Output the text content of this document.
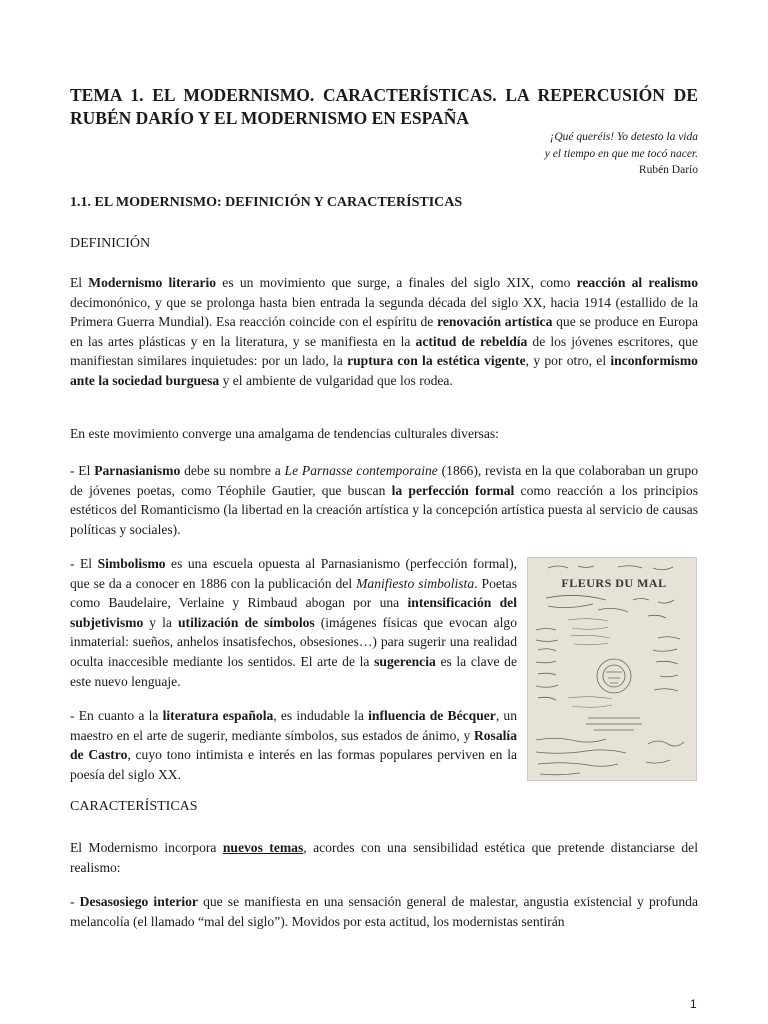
TEMA 1. EL MODERNISMO. CARACTERÍSTICAS. LA REPERCUSIÓN DE RUBÉN DARÍO Y EL MODERNISMO EN ESPAÑA
¡Qué queréis! Yo detesto la vida
y el tiempo en que me tocó nacer.
Rubén Darío
1.1. EL MODERNISMO: DEFINICIÓN Y CARACTERÍSTICAS
DEFINICIÓN

El Modernismo literario es un movimiento que surge, a finales del siglo XIX, como reacción al realismo decimonónico, y que se prolonga hasta bien entrada la segunda década del siglo XX, hacia 1914 (estallido de la Primera Guerra Mundial). Esa reacción coincide con el espíritu de renovación artística que se produce en Europa en las artes plásticas y en la literatura, y se manifiesta en la actitud de rebeldía de los jóvenes escritores, que manifiestan similares inquietudes: por un lado, la ruptura con la estética vigente, y por otro, el inconformismo ante la sociedad burguesa y el ambiente de vulgaridad que los rodea.

En este movimiento converge una amalgama de tendencias culturales diversas:

- El Parnasianismo debe su nombre a Le Parnasse contemporaine (1866), revista en la que colaboraban un grupo de jóvenes poetas, como Téophile Gautier, que buscan la perfección formal como reacción a los principios estéticos del Romanticismo (la libertad en la creación artística y la concepción artística puesta al servicio de causas políticas y sociales).

- El Simbolismo es una escuela opuesta al Parnasianismo (perfección formal), que se da a conocer en 1886 con la publicación del Manifiesto simbolista. Poetas como Baudelaire, Verlaine y Rimbaud abogan por una intensificación del subjetivismo y la utilización de símbolos (imágenes físicas que evocan algo inmaterial: sueños, anhelos insatisfechos, obsesiones…) para sugerir una realidad oculta inaccesible mediante los sentidos. El arte de la sugerencia es la clave de este nuevo lenguaje.

- En cuanto a la literatura española, es indudable la influencia de Bécquer, un maestro en el arte de sugerir, mediante símbolos, sus estados de ánimo, y Rosalía de Castro, cuyo tono intimista e interés en las formas populares perviven en la poesía del siglo XX.

CARACTERÍSTICAS

El Modernismo incorpora nuevos temas, acordes con una sensibilidad estética que pretende distanciarse del realismo:

- Desasosiego interior que se manifiesta en una sensación general de malestar, angustia existencial y profunda melancolía (el llamado “mal del siglo”). Movidos por esta actitud, los modernistas sentirán

FLEURS DU MAL
1
